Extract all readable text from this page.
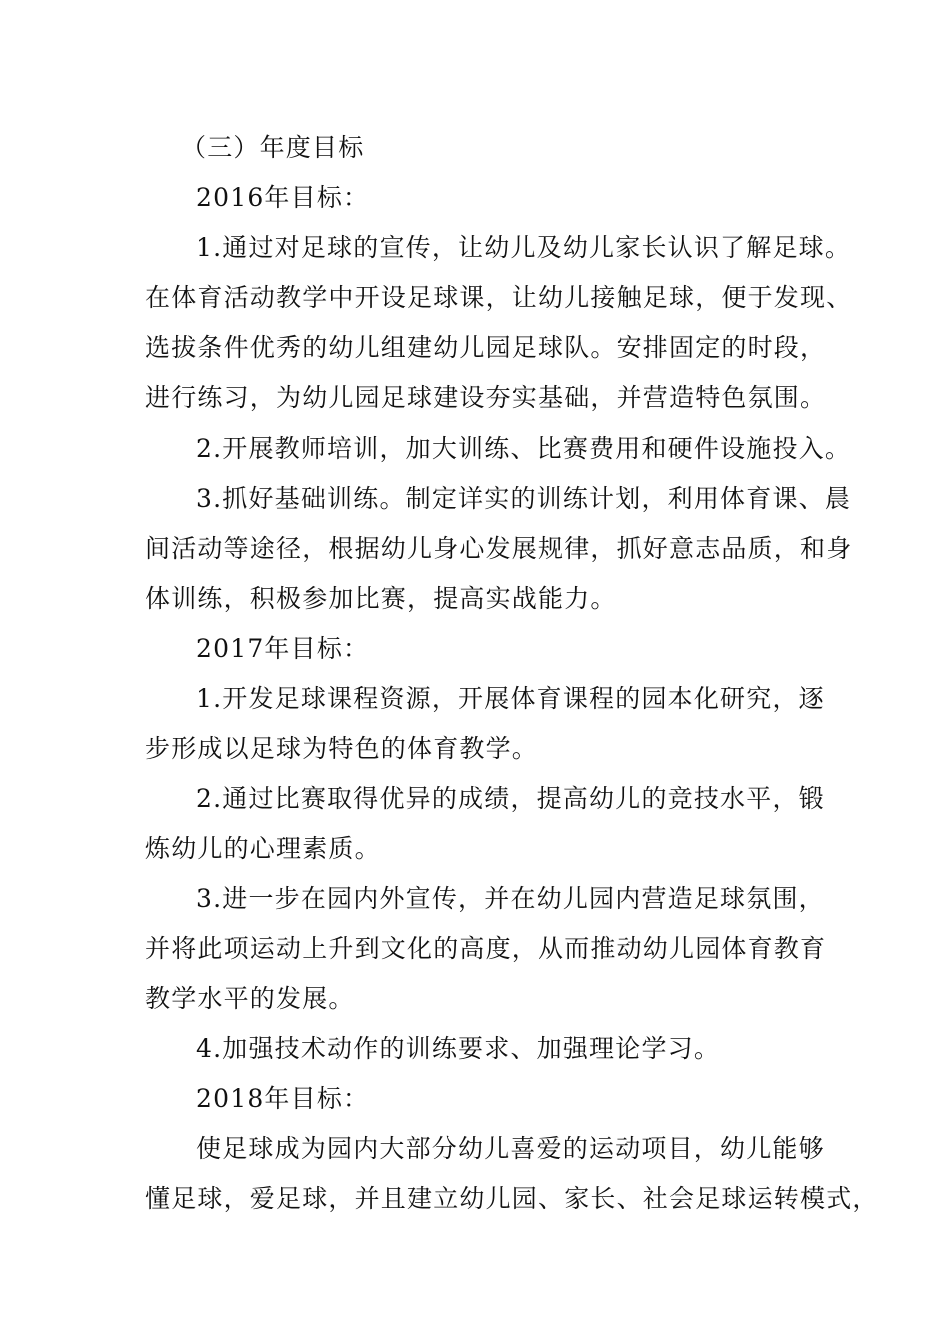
（三）年度目标
2016年目标：
1.通过对足球的宣传，让幼儿及幼儿家长认识了解足球。
在体育活动教学中开设足球课，让幼儿接触足球，便于发现、
选拔条件优秀的幼儿组建幼儿园足球队。安排固定的时段，
进行练习，为幼儿园足球建设夯实基础，并营造特色氛围。
2.开展教师培训，加大训练、比赛费用和硬件设施投入。
3.抓好基础训练。制定详实的训练计划，利用体育课、晨
间活动等途径，根据幼儿身心发展规律，抓好意志品质，和身
体训练，积极参加比赛，提高实战能力。
2017年目标：
1.开发足球课程资源，开展体育课程的园本化研究，逐
步形成以足球为特色的体育教学。
2.通过比赛取得优异的成绩，提高幼儿的竞技水平，锻
炼幼儿的心理素质。
3.进一步在园内外宣传，并在幼儿园内营造足球氛围，
并将此项运动上升到文化的高度，从而推动幼儿园体育教育
教学水平的发展。
4.加强技术动作的训练要求、加强理论学习。
2018年目标：
使足球成为园内大部分幼儿喜爱的运动项目，幼儿能够
懂足球，爱足球，并且建立幼儿园、家长、社会足球运转模式，
